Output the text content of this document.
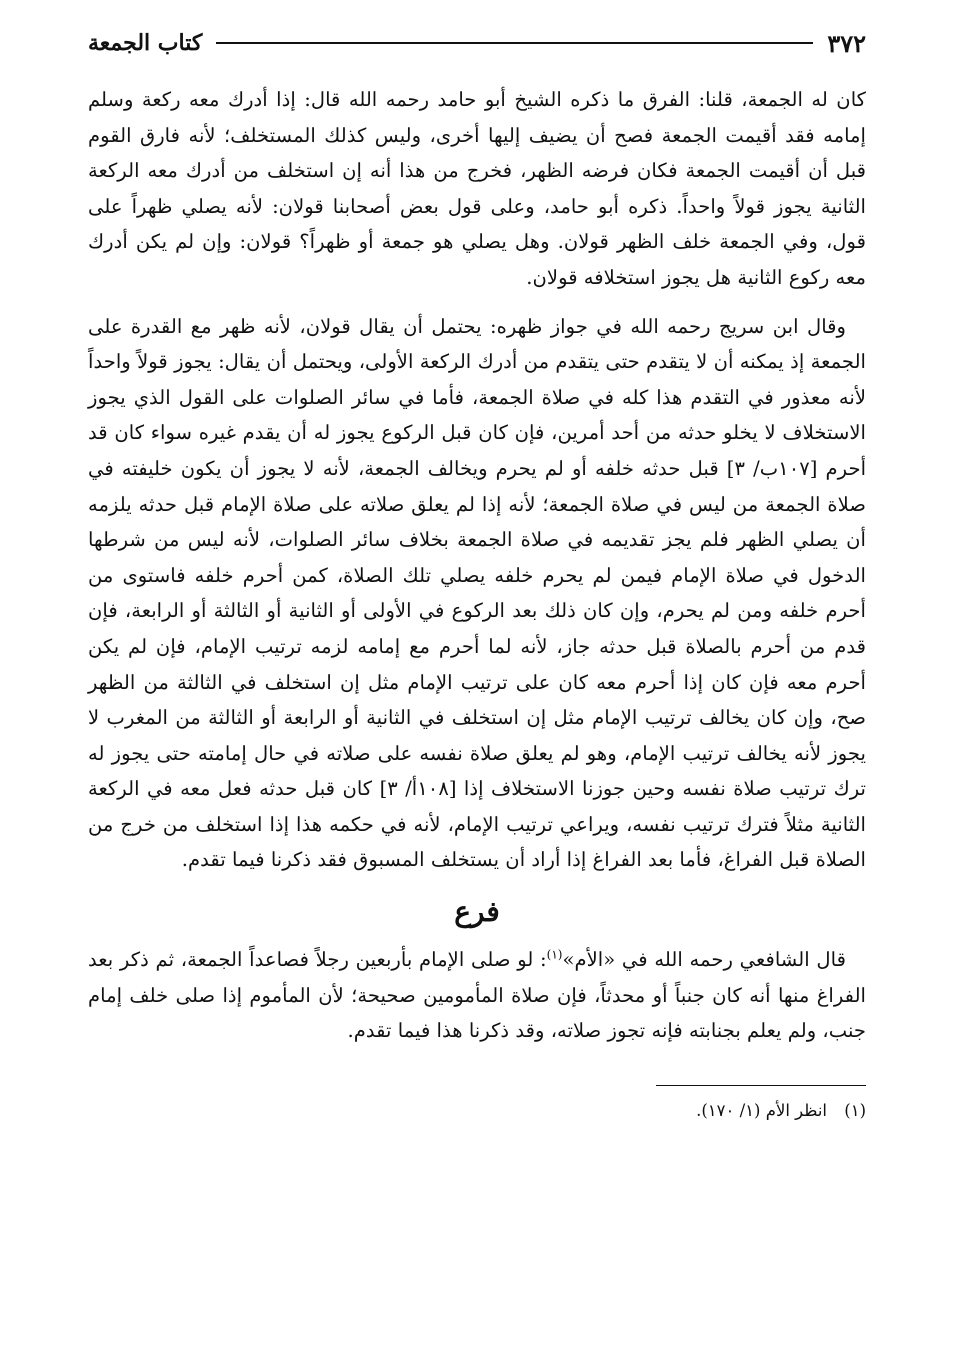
٣٧٢
كتاب الجمعة

كان له الجمعة، قلنا: الفرق ما ذكره الشيخ أبو حامد رحمه الله قال: إذا أدرك معه ركعة وسلم إمامه فقد أقيمت الجمعة فصح أن يضيف إليها أخرى، وليس كذلك المستخلف؛ لأنه فارق القوم قبل أن أقيمت الجمعة فكان فرضه الظهر، فخرج من هذا أنه إن استخلف من أدرك معه الركعة الثانية يجوز قولاً واحداً. ذكره أبو حامد، وعلى قول بعض أصحابنا قولان: لأنه يصلي ظهراً على قول، وفي الجمعة خلف الظهر قولان. وهل يصلي هو جمعة أو ظهراً؟ قولان: وإن لم يكن أدرك معه ركوع الثانية هل يجوز استخلافه قولان.

وقال ابن سريج رحمه الله في جواز ظهره: يحتمل أن يقال قولان، لأنه ظهر مع القدرة على الجمعة إذ يمكنه أن لا يتقدم حتى يتقدم من أدرك الركعة الأولى، ويحتمل أن يقال: يجوز قولاً واحداً لأنه معذور في التقدم هذا كله في صلاة الجمعة، فأما في سائر الصلوات على القول الذي يجوز الاستخلاف لا يخلو حدثه من أحد أمرين، فإن كان قبل الركوع يجوز له أن يقدم غيره سواء كان قد أحرم [١٠٧ب/ ٣] قبل حدثه خلفه أو لم يحرم ويخالف الجمعة، لأنه لا يجوز أن يكون خليفته في صلاة الجمعة من ليس في صلاة الجمعة؛ لأنه إذا لم يعلق صلاته على صلاة الإمام قبل حدثه يلزمه أن يصلي الظهر فلم يجز تقديمه في صلاة الجمعة بخلاف سائر الصلوات، لأنه ليس من شرطها الدخول في صلاة الإمام فيمن لم يحرم خلفه يصلي تلك الصلاة، كمن أحرم خلفه فاستوى من أحرم خلفه ومن لم يحرم، وإن كان ذلك بعد الركوع في الأولى أو الثانية أو الثالثة أو الرابعة، فإن قدم من أحرم بالصلاة قبل حدثه جاز، لأنه لما أحرم مع إمامه لزمه ترتيب الإمام، فإن لم يكن أحرم معه فإن كان إذا أحرم معه كان على ترتيب الإمام مثل إن استخلف في الثالثة من الظهر صح، وإن كان يخالف ترتيب الإمام مثل إن استخلف في الثانية أو الرابعة أو الثالثة من المغرب لا يجوز لأنه يخالف ترتيب الإمام، وهو لم يعلق صلاة نفسه على صلاته في حال إمامته حتى يجوز له ترك ترتيب صلاة نفسه وحين جوزنا الاستخلاف إذا [١٠٨أ/ ٣] كان قبل حدثه فعل معه في الركعة الثانية مثلاً فترك ترتيب نفسه، ويراعي ترتيب الإمام، لأنه في حكمه هذا إذا استخلف من خرج من الصلاة قبل الفراغ، فأما بعد الفراغ إذا أراد أن يستخلف المسبوق فقد ذكرنا فيما تقدم.

فرع

قال الشافعي رحمه الله في «الأم»$^{(١)}$: لو صلى الإمام بأربعين رجلاً فصاعداً الجمعة، ثم ذكر بعد الفراغ منها أنه كان جنباً أو محدثاً، فإن صلاة المأمومين صحيحة؛ لأن المأموم إذا صلى خلف إمام جنب، ولم يعلم بجنابته فإنه تجوز صلاته، وقد ذكرنا هذا فيما تقدم.

(١) انظر الأم (١/ ١٧٠).
